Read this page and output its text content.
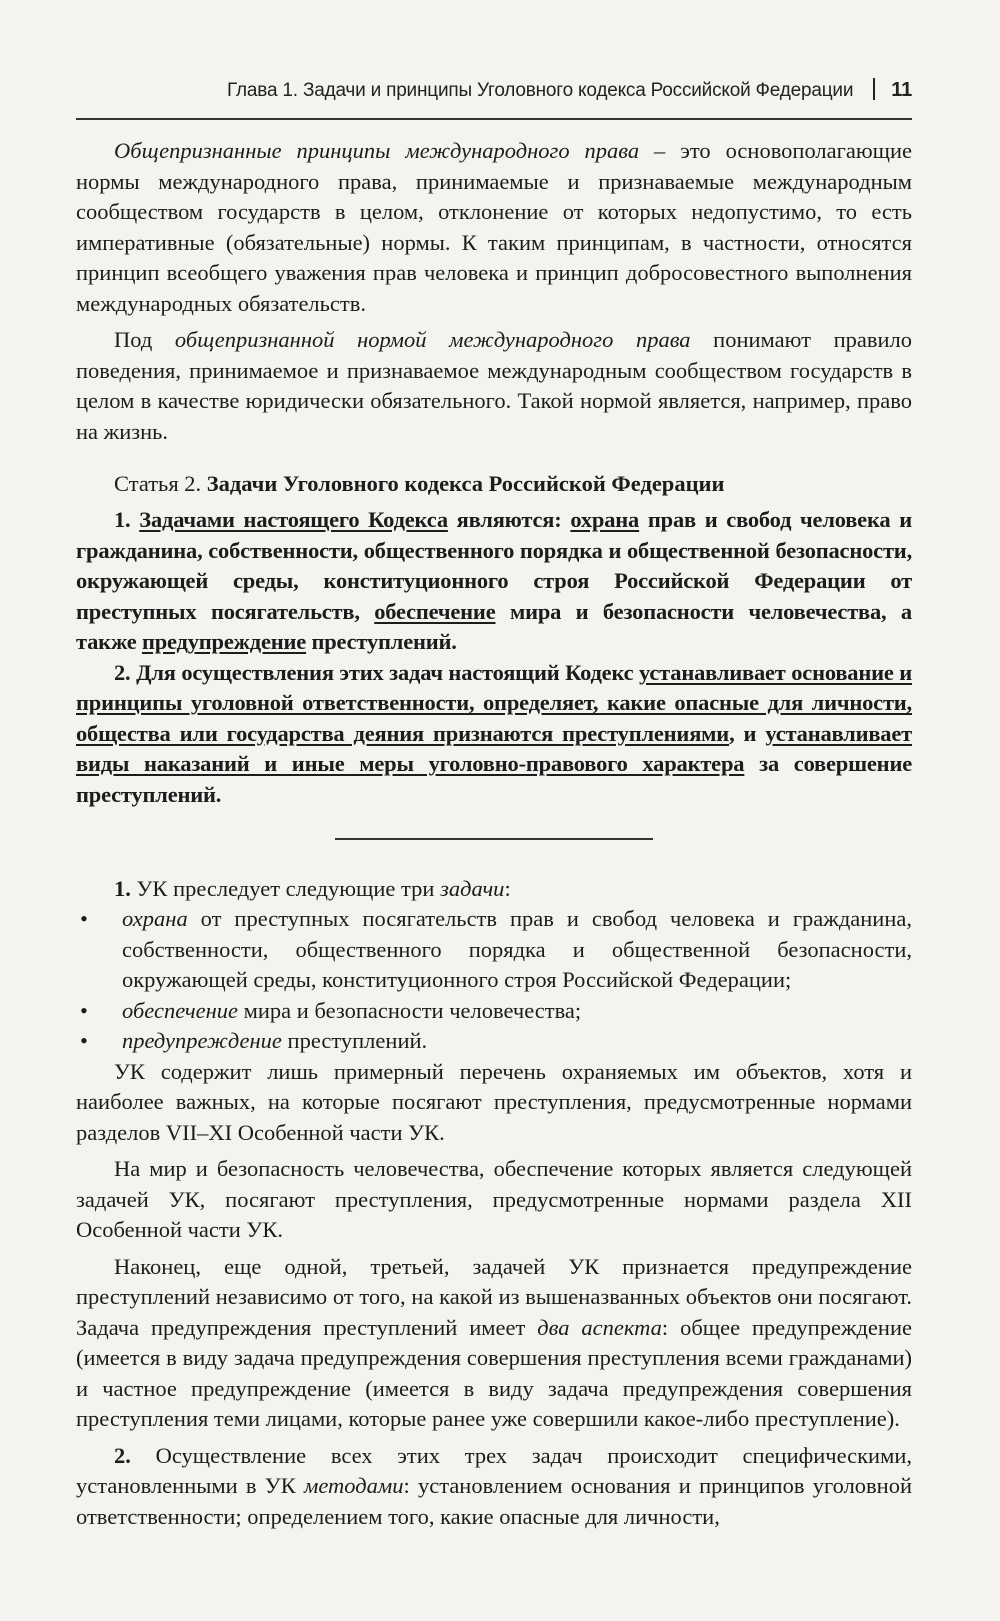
Глава 1. Задачи и принципы Уголовного кодекса Российской Федерации 11

Общепризнанные принципы международного права – это основополагающие нормы международного права, принимаемые и признаваемые международным сообществом государств в целом, отклонение от которых недопустимо, то есть императивные (обязательные) нормы. К таким принципам, в частности, относятся принцип всеобщего уважения прав человека и принцип добросовестного выполнения международных обязательств.

Под общепризнанной нормой международного права понимают правило поведения, принимаемое и признаваемое международным сообществом государств в целом в качестве юридически обязательного. Такой нормой является, например, право на жизнь.

Статья 2. Задачи Уголовного кодекса Российской Федерации

1. Задачами настоящего Кодекса являются: охрана прав и свобод человека и гражданина, собственности, общественного порядка и общественной безопасности, окружающей среды, конституционного строя Российской Федерации от преступных посягательств, обеспечение мира и безопасности человечества, а также предупреждение преступлений.

2. Для осуществления этих задач настоящий Кодекс устанавливает основание и принципы уголовной ответственности, определяет, какие опасные для личности, общества или государства деяния признаются преступлениями, и устанавливает виды наказаний и иные меры уголовно-правового характера за совершение преступлений.

1. УК преследует следующие три задачи:

• охрана от преступных посягательств прав и свобод человека и гражданина, собственности, общественного порядка и общественной безопасности, окружающей среды, конституционного строя Российской Федерации;
• обеспечение мира и безопасности человечества;
• предупреждение преступлений.

УК содержит лишь примерный перечень охраняемых им объектов, хотя и наиболее важных, на которые посягают преступления, предусмотренные нормами разделов VII–XI Особенной части УК.

На мир и безопасность человечества, обеспечение которых является следующей задачей УК, посягают преступления, предусмотренные нормами раздела XII Особенной части УК.

Наконец, еще одной, третьей, задачей УК признается предупреждение преступлений независимо от того, на какой из вышеназванных объектов они посягают. Задача предупреждения преступлений имеет два аспекта: общее предупреждение (имеется в виду задача предупреждения совершения преступления всеми гражданами) и частное предупреждение (имеется в виду задача предупреждения совершения преступления теми лицами, которые ранее уже совершили какое-либо преступление).

2. Осуществление всех этих трех задач происходит специфическими, установленными в УК методами: установлением основания и принципов уголовной ответственности; определением того, какие опасные для личности,
